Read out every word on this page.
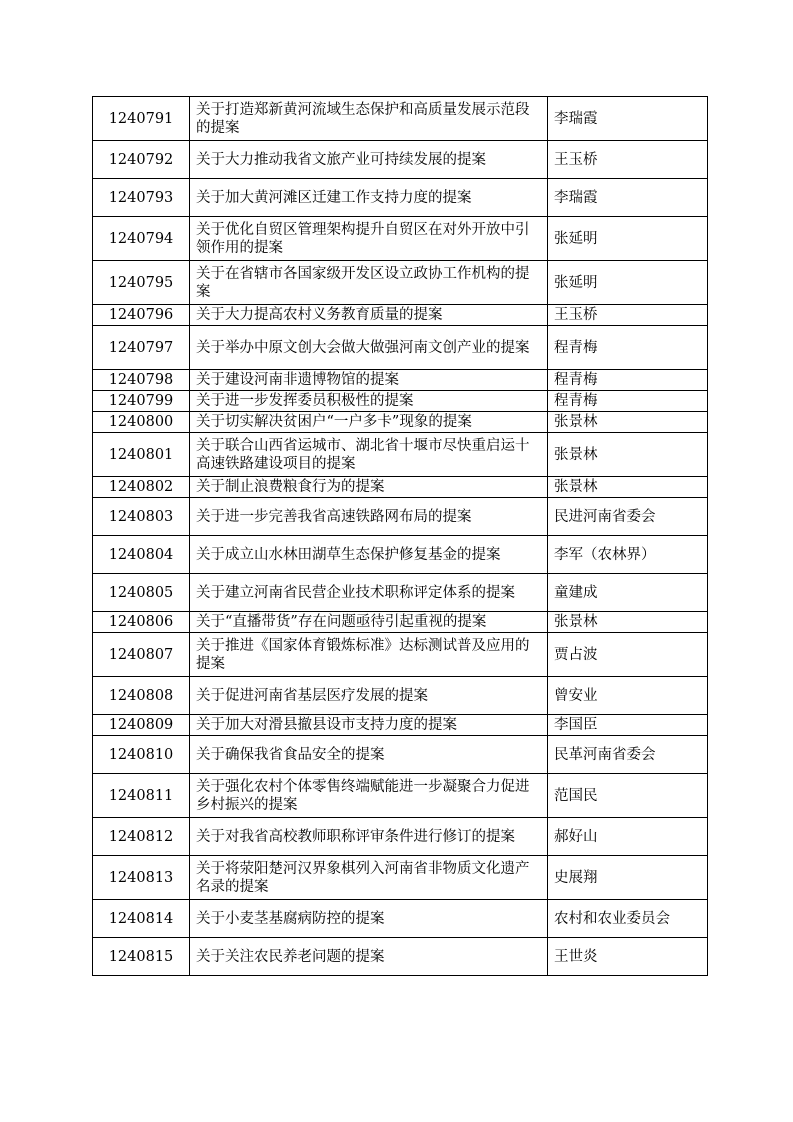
1240791	关于打造郑新黄河流域生态保护和高质量发展示范段的提案	李瑞霞
1240792	关于大力推动我省文旅产业可持续发展的提案	王玉桥
1240793	关于加大黄河滩区迁建工作支持力度的提案	李瑞霞
1240794	关于优化自贸区管理架构提升自贸区在对外开放中引领作用的提案	张延明
1240795	关于在省辖市各国家级开发区设立政协工作机构的提案	张延明
1240796	关于大力提高农村义务教育质量的提案	王玉桥
1240797	关于举办中原文创大会做大做强河南文创产业的提案	程青梅
1240798	关于建设河南非遗博物馆的提案	程青梅
1240799	关于进一步发挥委员积极性的提案	程青梅
1240800	关于切实解决贫困户“一户多卡”现象的提案	张景林
1240801	关于联合山西省运城市、湖北省十堰市尽快重启运十高速铁路建设项目的提案	张景林
1240802	关于制止浪费粮食行为的提案	张景林
1240803	关于进一步完善我省高速铁路网布局的提案	民进河南省委会
1240804	关于成立山水林田湖草生态保护修复基金的提案	李军（农林界）
1240805	关于建立河南省民营企业技术职称评定体系的提案	童建成
1240806	关于“直播带货”存在问题亟待引起重视的提案	张景林
1240807	关于推进《国家体育锻炼标准》达标测试普及应用的提案	贾占波
1240808	关于促进河南省基层医疗发展的提案	曾安业
1240809	关于加大对滑县撤县设市支持力度的提案	李国臣
1240810	关于确保我省食品安全的提案	民革河南省委会
1240811	关于强化农村个体零售终端赋能进一步凝聚合力促进乡村振兴的提案	范国民
1240812	关于对我省高校教师职称评审条件进行修订的提案	郝好山
1240813	关于将荥阳楚河汉界象棋列入河南省非物质文化遗产名录的提案	史展翔
1240814	关于小麦茎基腐病防控的提案	农村和农业委员会
1240815	关于关注农民养老问题的提案	王世炎
